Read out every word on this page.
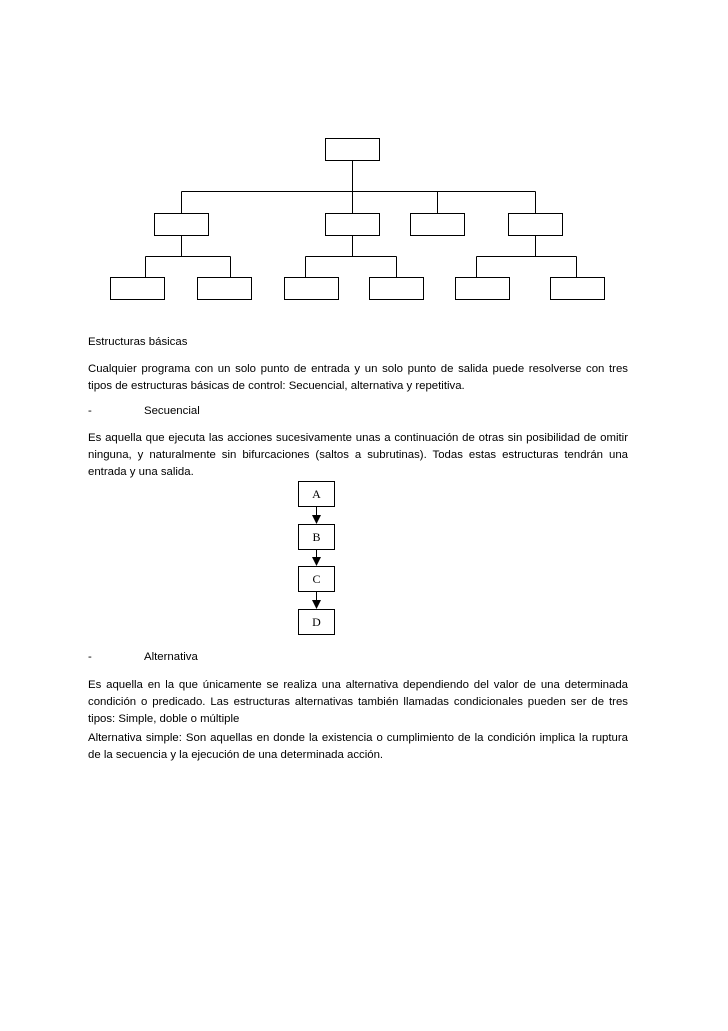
Estructuras básicas

Cualquier programa con un solo punto de entrada y un solo punto de salida puede resolverse con tres tipos de estructuras básicas de control: Secuencial, alternativa y repetitiva.

-	Secuencial

Es aquella que ejecuta las acciones sucesivamente unas a continuación de otras sin posibilidad de omitir ninguna, y naturalmente sin bifurcaciones (saltos a subrutinas). Todas estas estructuras tendrán una entrada y una salida.

A
B
C
D
-	Alternativa

Es aquella en la que únicamente se realiza una alternativa dependiendo del valor de una determinada condición o predicado. Las estructuras alternativas también llamadas condicionales pueden ser de tres tipos: Simple, doble o múltiple

Alternativa simple: Son aquellas en donde la existencia o cumplimiento de la condición implica la ruptura de la secuencia y la ejecución de una determinada acción.
